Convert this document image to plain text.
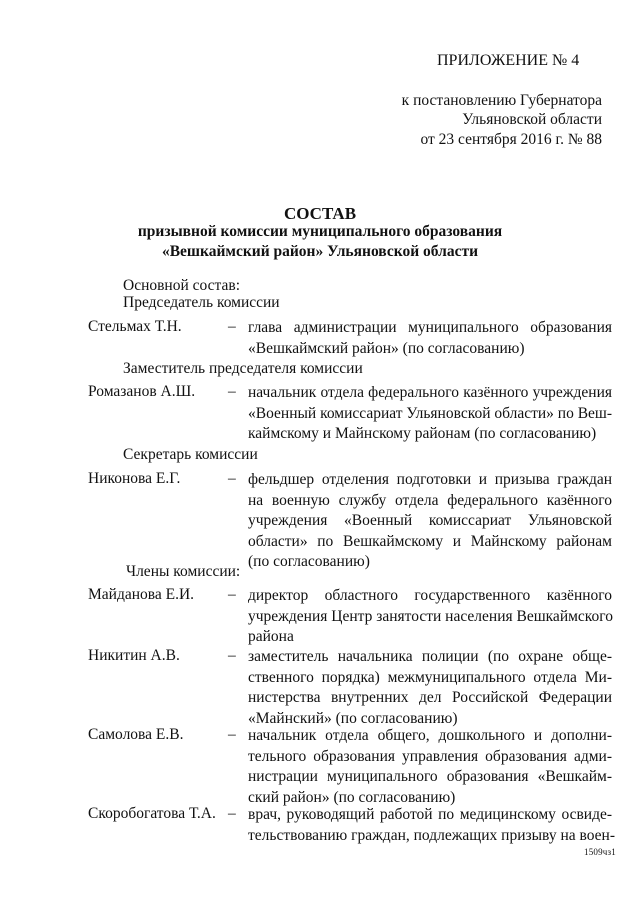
ПРИЛОЖЕНИЕ № 4
к постановлению Губернатора
Ульяновской области
от 23 сентября 2016 г. № 88
СОСТАВ
призывной комиссии муниципального образования
«Вешкаймский район» Ульяновской области
Основной состав:
Председатель комиссии
Стельмах Т.Н.	– глава администрации муниципального образования
«Вешкаймский район» (по согласованию)
Заместитель председателя комиссии
Ромазанов А.Ш. – начальник отдела федерального казённого учреждения
«Военный комиссариат Ульяновской области» по Веш-
каймскому и Майнскому районам (по согласованию)
Секретарь комиссии
Никонова Е.Г.	– фельдшер отделения подготовки и призыва граждан
на военную службу отдела федерального казённого
учреждения «Военный комиссариат Ульяновской
области» по Вешкаймскому и Майнскому районам
(по согласованию)
Члены комиссии:
Майданова Е.И. – директор областного государственного казённого
учреждения Центр занятости населения Вешкаймского
района
Никитин А.В.	– заместитель начальника полиции (по охране обще-
ственного порядка) межмуниципального отдела Ми-
нистерства внутренних дел Российской Федерации
«Майнский» (по согласованию)
Самолова Е.В.	– начальник отдела общего, дошкольного и дополни-
тельного образования управления образования адми-
нистрации муниципального образования «Вешкайм-
ский район» (по согласованию)
Скоробогатова Т.А. – врач, руководящий работой по медицинскому освиде-
тельствованию граждан, подлежащих призыву на воен-
1509чз1
